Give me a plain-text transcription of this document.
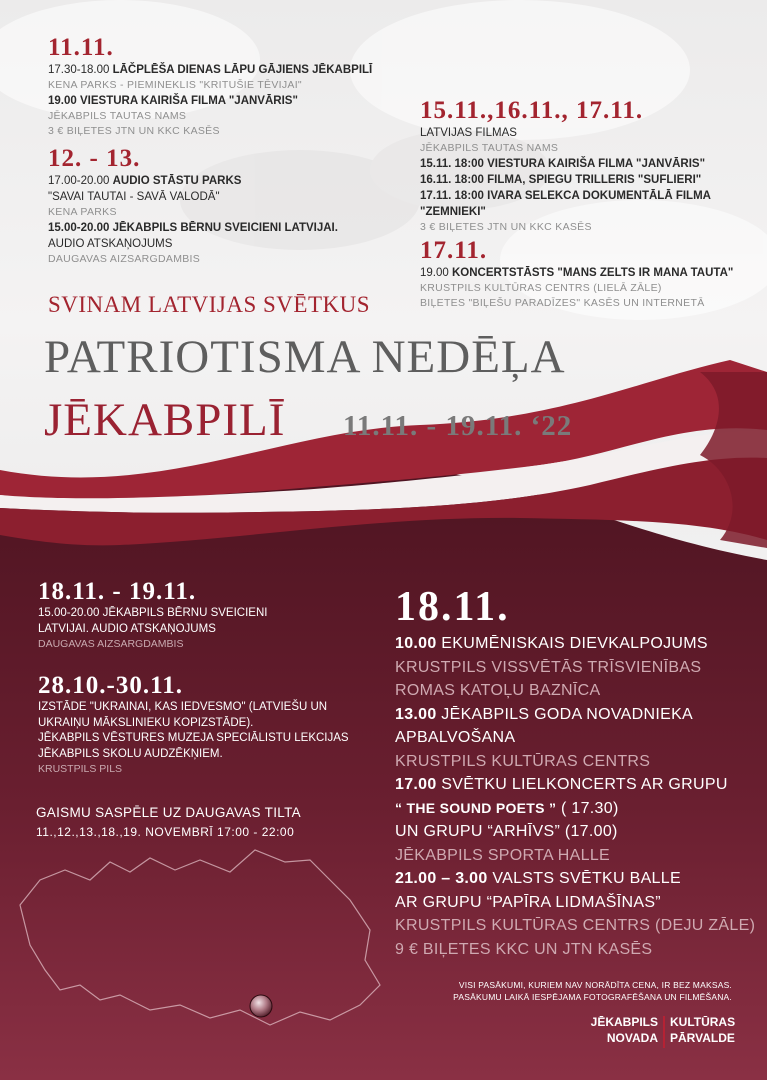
11.11.
17.30-18.00 LĀČPLĒŠA DIENAS LĀPU GĀJIENS JĒKABPILĪ
KENA PARKS - PIEMINEKLIS "KRITUŠIE TĒVIJAI"
19.00 VIESTURA KAIRIŠA FILMA "JANVĀRIS"
JĒKABPILS TAUTAS NAMS
3 € BIĻETES JTN UN KKC KASĒS
12. - 13.
17.00-20.00 AUDIO STĀSTU PARKS
"SAVAI TAUTAI - SAVĀ VALODĀ"
KENA PARKS
15.00-20.00 JĒKABPILS BĒRNU SVEICIENI LATVIJAI.
AUDIO ATSKAŅOJUMS
DAUGAVAS AIZSARGDAMBIS
15.11.,16.11., 17.11.
LATVIJAS FILMAS
JĒKABPILS TAUTAS NAMS
15.11. 18:00 VIESTURA KAIRIŠA FILMA "JANVĀRIS"
16.11. 18:00 FILMA, SPIEGU TRILLERIS "SUFLIERI"
17.11. 18:00 IVARA SELEKCA DOKUMENTĀLĀ FILMA
"ZEMNIEKI"
3 € BIĻETES JTN UN KKC KASĒS
17.11.
19.00 KONCERTSTĀSTS "MANS ZELTS IR MANA TAUTA"
KRUSTPILS KULTŪRAS CENTRS (LIELĀ ZĀLE)
BIĻETES "BIĻEŠU PARADĪZES" KASĒS UN INTERNETĀ
SVINAM LATVIJAS SVĒTKUS
PATRIOTISMA NEDĒĻA
JĒKABPILĪ 11.11. - 19.11. ‘22
18.11. - 19.11.
15.00-20.00 JĒKABPILS BĒRNU SVEICIENI
LATVIJAI. AUDIO ATSKAŅOJUMS
DAUGAVAS AIZSARGDAMBIS
28.10.-30.11.
IZSTĀDE "UKRAINAI, KAS IEDVESMO" (LATVIEŠU UN
UKRAIŅU MĀKSLINIEKU KOPIZSTĀDE).
JĒKABPILS VĒSTURES MUZEJA SPECIĀLISTU LEKCIJAS
JĒKABPILS SKOLU AUDZĒKŅIEM.
KRUSTPILS PILS
GAISMU SASPĒLE UZ DAUGAVAS TILTA
11.,12.,13.,18.,19. NOVEMBRĪ 17:00 - 22:00
18.11.
10.00 EKUMĒNISKAIS DIEVKALPOJUMS
KRUSTPILS VISSVĒTĀS TRĪSVIENĪBAS
ROMAS KATOĻU BAZNĪCA
13.00 JĒKABPILS GODA NOVADNIEKA
APBALVOŠANA
KRUSTPILS KULTŪRAS CENTRS
17.00 SVĒTKU LIELKONCERTS AR GRUPU
“ THE SOUND POETS ” ( 17.30)
UN GRUPU “ARHĪVS” (17.00)
JĒKABPILS SPORTA HALLE
21.00 – 3.00 VALSTS SVĒTKU BALLE
AR GRUPU “PAPĪRA LIDMAŠĪNAS”
KRUSTPILS KULTŪRAS CENTRS (DEJU ZĀLE)
9 € BIĻETES KKC UN JTN KASĒS
VISI PASĀKUMI, KURIEM NAV NORĀDĪTA CENA, IR BEZ MAKSAS.
PASĀKUMU LAIKĀ IESPĒJAMA FOTOGRAFĒŠANA UN FILMĒŠANA.
JĒKABPILS
NOVADA
KULTŪRAS
PĀRVALDE
